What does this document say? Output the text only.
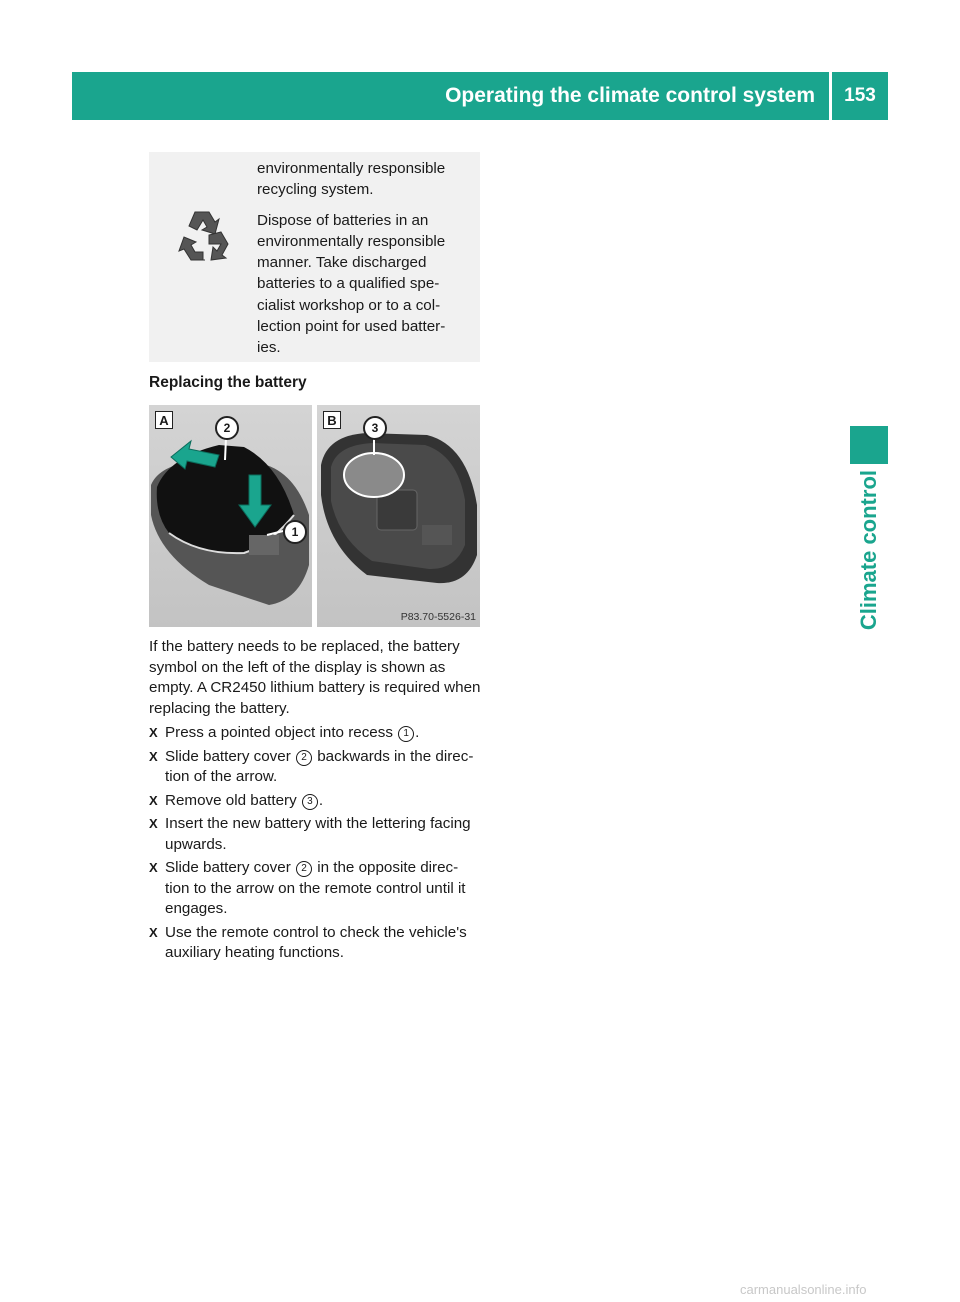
Operating the climate control system	153
Climate control

environmentally responsible recycling system.

Dispose of batteries in an environmentally responsible manner. Take discharged batteries to a qualified spe- cialist workshop or to a col- lection point for used batter- ies.

Replacing the battery
A	2
1
B	3
P83.70-5526-31

If the battery needs to be replaced, the battery symbol on the left of the display is shown as empty. A CR2450 lithium battery is required when replacing the battery.

X Press a pointed object into recess 1 .
X Slide battery cover 2 backwards in the direc- tion of the arrow.
X Remove old battery 3 .
X Insert the new battery with the lettering facing upwards.
X Slide battery cover 2 in the opposite direc- tion to the arrow on the remote control until it engages.
X Use the remote control to check the vehicle's auxiliary heating functions.
carmanualsonline.info
